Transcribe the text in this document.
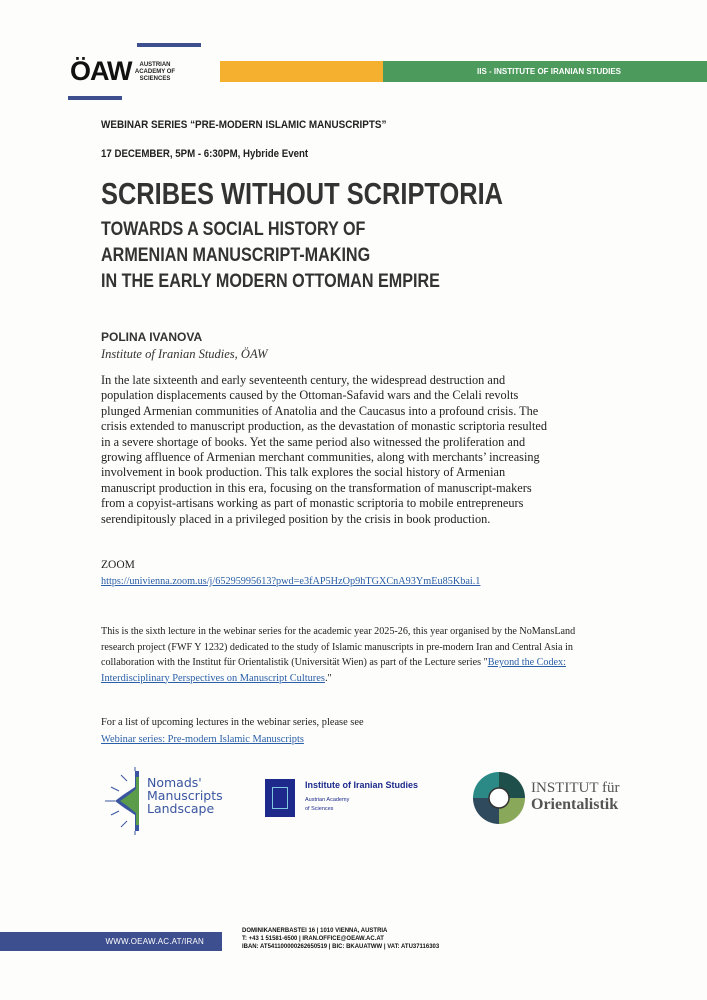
ÖAW	AUSTRIAN
ACADEMY OF
SCIENCES
IIS - INSTITUTE OF IRANIAN STUDIES
WEBINAR SERIES “PRE-MODERN ISLAMIC MANUSCRIPTS”
17 DECEMBER, 5PM - 6:30PM, Hybride Event
SCRIBES WITHOUT SCRIPTORIA
TOWARDS A SOCIAL HISTORY OF
ARMENIAN MANUSCRIPT-MAKING
IN THE EARLY MODERN OTTOMAN EMPIRE
POLINA IVANOVA
Institute of Iranian Studies, ÖAW
In the late sixteenth and early seventeenth century, the widespread destruction and
population displacements caused by the Ottoman-Safavid wars and the Celali revolts
plunged Armenian communities of Anatolia and the Caucasus into a profound crisis. The
crisis extended to manuscript production, as the devastation of monastic scriptoria resulted
in a severe shortage of books. Yet the same period also witnessed the proliferation and
growing affluence of Armenian merchant communities, along with merchants’ increasing
involvement in book production. This talk explores the social history of Armenian
manuscript production in this era, focusing on the transformation of manuscript-makers
from a copyist-artisans working as part of monastic scriptoria to mobile entrepreneurs
serendipitously placed in a privileged position by the crisis in book production.
ZOOM
https://univienna.zoom.us/j/65295995613?pwd=e3fAP5HzOp9hTGXCnA93YmEu85Kbai.1
This is the sixth lecture in the webinar series for the academic year 2025-26, this year organised by the NoMansLand
research project (FWF Y 1232) dedicated to the study of Islamic manuscripts in pre-modern Iran and Central Asia in
collaboration with the Institut für Orientalistik (Universität Wien) as part of the Lecture series "Beyond the Codex:
Interdisciplinary Perspectives on Manuscript Cultures."
For a list of upcoming lectures in the webinar series, please see
Webinar series: Pre-modern Islamic Manuscripts
Nomads'
Manuscripts
Landscape
Institute of Iranian Studies
Austrian Academy
of Sciences
INSTITUT für
Orientalistik
WWW.OEAW.AC.AT/IRAN
DOMINIKANERBASTEI 16 | 1010 VIENNA, AUSTRIA
T: +43 1 51581-6500 | IRAN.OFFICE@OEAW.AC.AT
IBAN: AT541100000262650519 | BIC: BKAUATWW | VAT: ATU37116303
